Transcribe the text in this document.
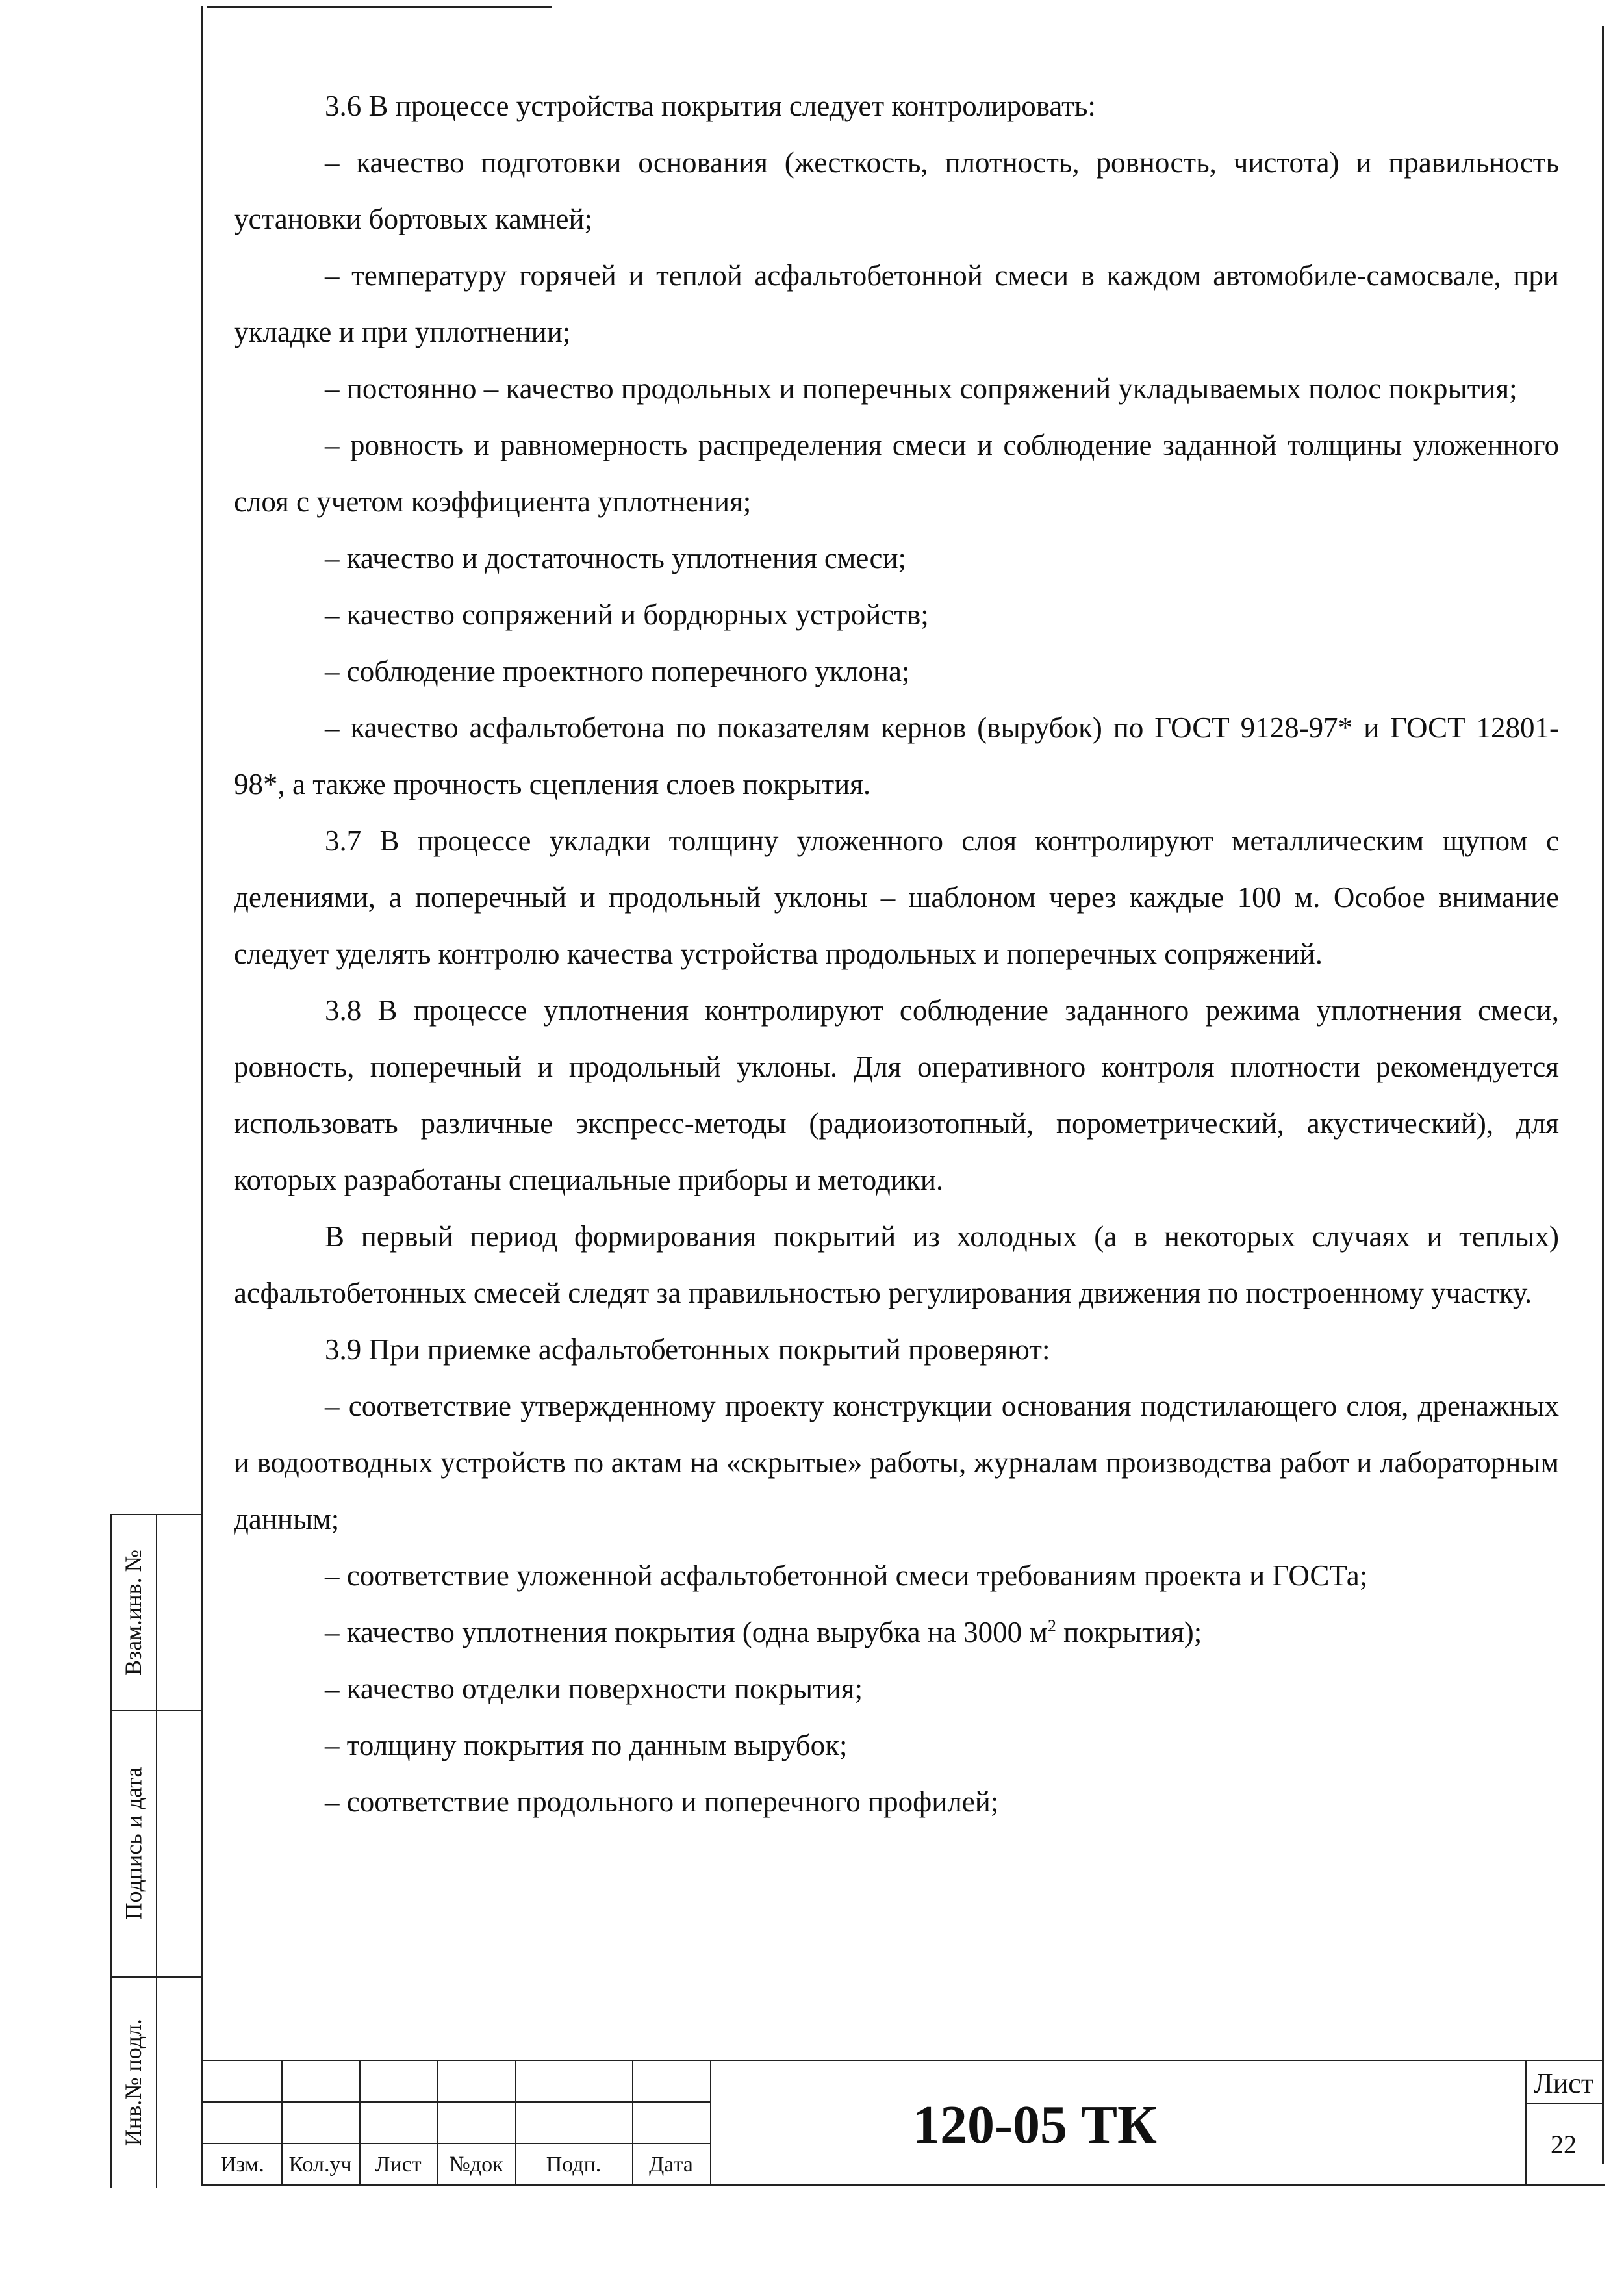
3.6 В процессе устройства покрытия следует контролировать:

– качество подготовки основания (жесткость, плотность, ровность, чистота) и правильность установки бортовых камней;

– температуру горячей и теплой асфальтобетонной смеси в каждом автомобиле-самосвале, при укладке и при уплотнении;

– постоянно – качество продольных и поперечных сопряжений укладываемых полос покрытия;

– ровность и равномерность распределения смеси и соблюдение заданной толщины уложенного слоя с учетом коэффициента уплотнения;

– качество и достаточность уплотнения смеси;

– качество сопряжений и бордюрных устройств;

– соблюдение проектного поперечного уклона;

– качество асфальтобетона по показателям кернов (вырубок) по ГОСТ 9128-97* и ГОСТ 12801-98*, а также прочность сцепления слоев покрытия.

3.7 В процессе укладки толщину уложенного слоя контролируют металлическим щупом с делениями, а поперечный и продольный уклоны – шаблоном через каждые 100 м. Особое внимание следует уделять контролю качества устройства продольных и поперечных сопряжений.

3.8 В процессе уплотнения контролируют соблюдение заданного режима уплотнения смеси, ровность, поперечный и продольный уклоны. Для оперативного контроля плотности рекомендуется использовать различные экспресс-методы (радиоизотопный, порометрический, акустический), для которых разработаны специальные приборы и методики.

В первый период формирования покрытий из холодных (а в некоторых случаях и теплых) асфальтобетонных смесей следят за правильностью регулирования движения по построенному участку.

3.9 При приемке асфальтобетонных покрытий проверяют:

– соответствие утвержденному проекту конструкции основания подстилающего слоя, дренажных и водоотводных устройств по актам на «скрытые» работы, журналам производства работ и лабораторным данным;

– соответствие уложенной асфальтобетонной смеси требованиям проекта и ГОСТа;

– качество уплотнения покрытия (одна вырубка на 3000 $м^2$ покрытия);

– качество отделки поверхности покрытия;

– толщину покрытия по данным вырубок;

– соответствие продольного и поперечного профилей;

Взам.инв. №
Подпись и дата
Инв.№ подл.
Изм.	Кол.уч	Лист	№док	Подп.	Дата
120-05 ТК
Лист
22
